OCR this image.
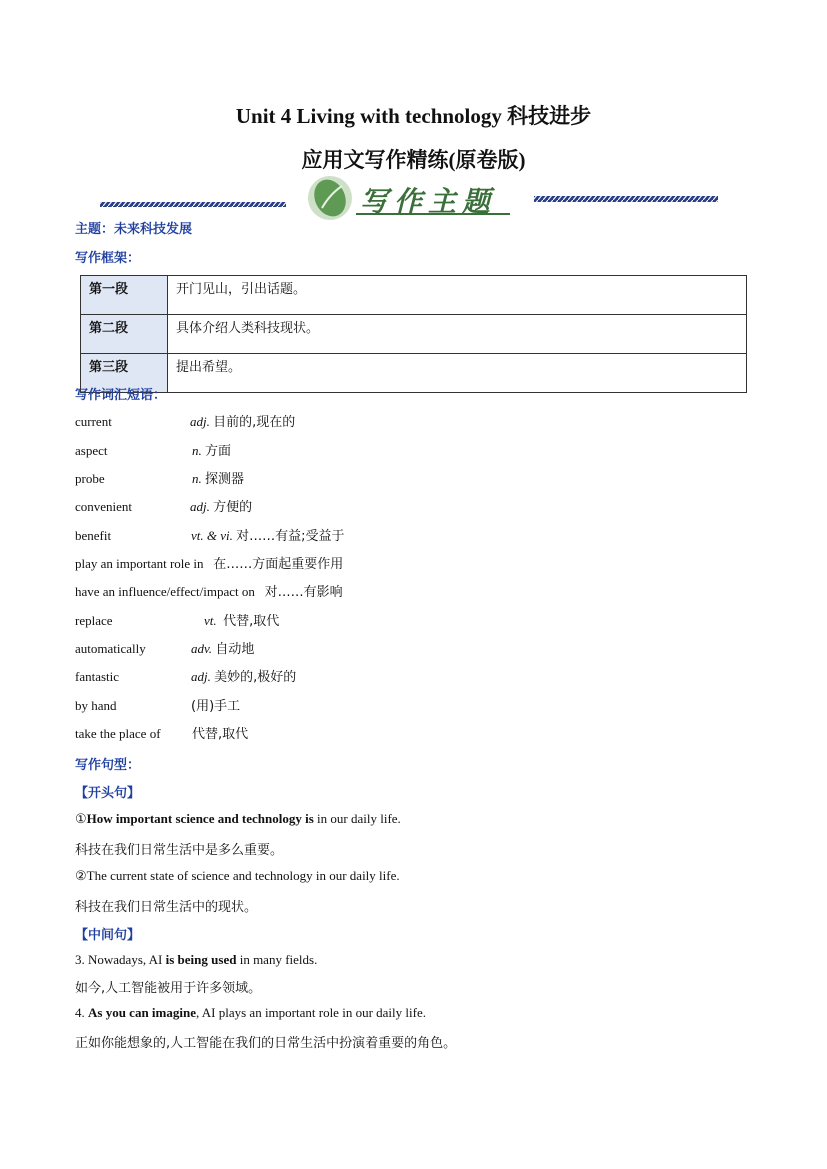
Unit 4 Living with technology 科技进步
应用文写作精练(原卷版)
写作主题
主题：未来科技发展
写作框架：
第一段	开门见山，引出话题。
第二段	具体介绍人类科技现状。
第三段	提出希望。
写作词汇短语：
current	adj. 目前的,现在的
aspect	n. 方面
probe	n. 探测器
convenient	adj. 方便的
benefit	vt. & vi. 对……有益;受益于
play an important role in 在……方面起重要作用
have an influence/effect/impact on 对……有影响
replace	vt. 代替,取代
automatically	adv. 自动地
fantastic	adj. 美妙的,极好的
by hand	(用)手工
take the place of 代替,取代
写作句型：
【开头句】
①How important science and technology is in our daily life.
科技在我们日常生活中是多么重要。
②The current state of science and technology in our daily life.
科技在我们日常生活中的现状。
【中间句】
3. Nowadays, AI is being used in many fields.
如今,人工智能被用于许多领域。
4. As you can imagine, AI plays an important role in our daily life.
正如你能想象的,人工智能在我们的日常生活中扮演着重要的角色。
